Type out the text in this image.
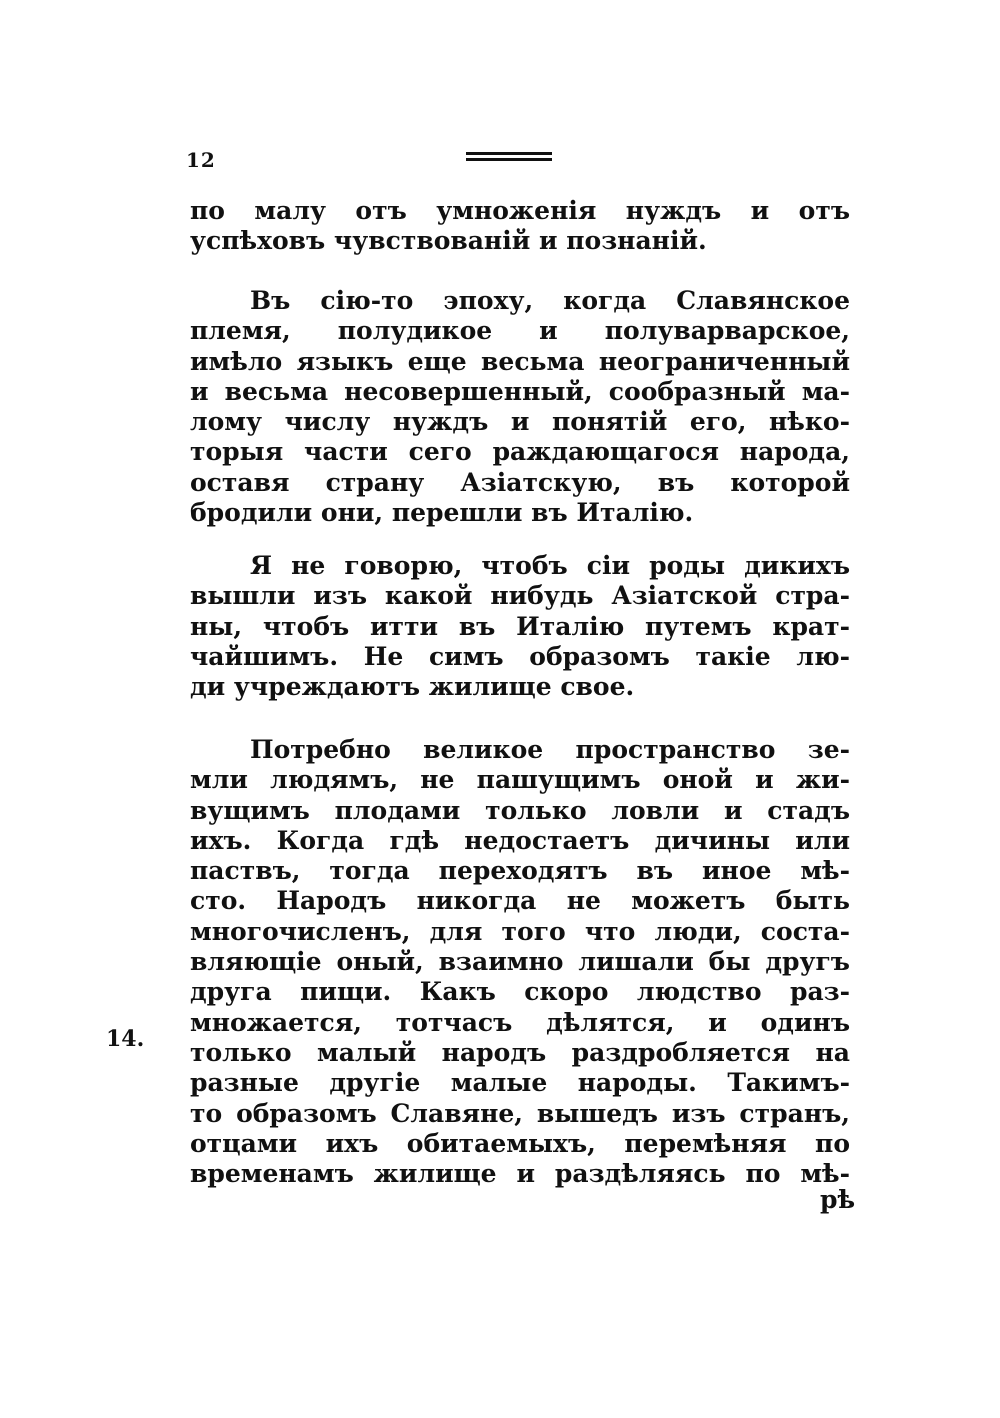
12
по малу отъ умноженія нуждъ и отъ
успѣховъ чувствованій и познаній.
Въ сію-то эпоху, когда Славянское
племя, полудикое и полуварварское,
имѣло языкъ еще весьма неограниченный
и весьма несовершенный, сообразный ма-
лому числу нуждъ и понятій его, нѣко-
торыя части сего раждающагося народа,
оставя страну Азіатскую, въ которой
бродили они, перешли въ Италію.
Я не говорю, чтобъ сіи роды дикихъ
вышли изъ какой нибудь Азіатской стра-
ны, чтобъ итти въ Италію путемъ крат-
чайшимъ. Не симъ образомъ такіе лю-
ди учреждаютъ жилище свое.
Потребно великое пространство зе-
мли людямъ, не пашущимъ оной и жи-
вущимъ плодами только ловли и стадъ
ихъ. Когда гдѣ недостаетъ дичины или
паствъ, тогда переходятъ въ иное мѣ-
сто. Народъ никогда не можетъ быть
многочисленъ, для того что люди, соста-
вляющіе оный, взаимно лишали бы другъ
друга пищи. Какъ скоро людство раз-
множается, тотчасъ дѣлятся, и одинъ
только малый народъ раздробляется на
разные другіе малые народы. Такимъ-
то образомъ Славяне, вышедъ изъ странъ,
отцами ихъ обитаемыхъ, перемѣняя по
временамъ жилище и раздѣляясь по мѣ-
14.
рѣ
